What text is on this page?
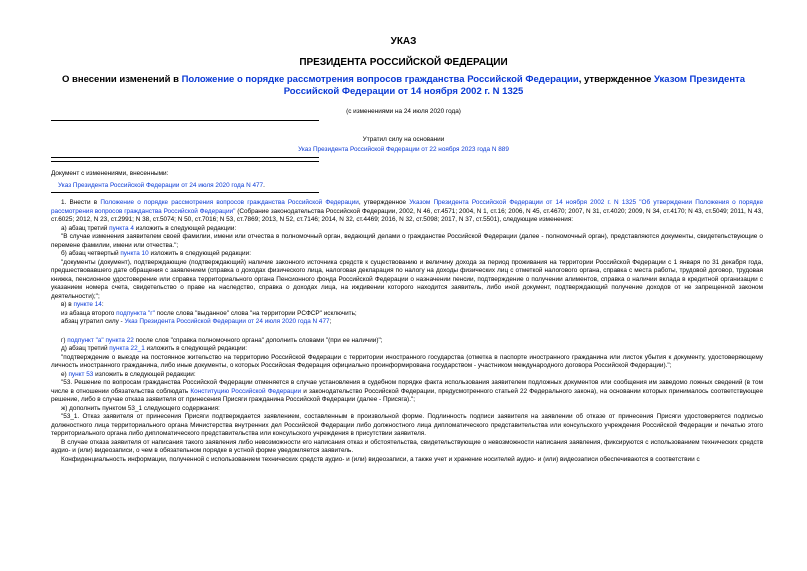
УКАЗ
ПРЕЗИДЕНТА РОССИЙСКОЙ ФЕДЕРАЦИИ
О внесении изменений в Положение о порядке рассмотрения вопросов гражданства Российской Федерации, утвержденное Указом Президента Российской Федерации от 14 ноября 2002 г. N 1325
(с изменениями на 24 июля 2020 года)
Утратил силу на основании
Указ Президента Российской Федерации от 22 ноября 2023 года N 889
Документ с изменениями, внесенными:
Указ Президента Российской Федерации от 24 июля 2020 года N 477.

1. Внести в Положение о порядке рассмотрения вопросов гражданства Российской Федерации, утвержденное Указом Президента Российской Федерации от 14 ноября 2002 г. N 1325 "Об утверждении Положения о порядке рассмотрения вопросов гражданства Российской Федерации" (Собрание законодательства Российской Федерации, 2002, N 46, ст.4571; 2004, N 1, ст.16; 2006, N 45, ст.4670; 2007, N 31, ст.4020; 2009, N 34, ст.4170; N 43, ст.5049; 2011, N 43, ст.6025; 2012, N 23, ст.2991; N 38, ст.5074; N 50, ст.7016; N 53, ст.7869; 2013, N 52, ст.7146; 2014, N 32, ст.4469; 2016, N 32, ст.5098; 2017, N 37, ст.5501), следующие изменения:

а) абзац третий пункта 4 изложить в следующей редакции:

"В случае изменения заявителем своей фамилии, имени или отчества в полномочный орган, ведающий делами о гражданстве Российской Федерации (далее - полномочный орган), представляются документы, свидетельствующие о перемене фамилии, имени или отчества.";

б) абзац четвертый пункта 10 изложить в следующей редакции:

"документы (документ), подтверждающие (подтверждающий) наличие законного источника средств к существованию и величину дохода за период проживания на территории Российской Федерации с 1 января по 31 декабря года, предшествовавшего дате обращения с заявлением (справка о доходах физического лица, налоговая декларация по налогу на доходы физических лиц с отметкой налогового органа, справка с места работы, трудовой договор, трудовая книжка, пенсионное удостоверение или справка территориального органа Пенсионного фонда Российской Федерации о назначении пенсии, подтверждение о получении алиментов, справка о наличии вклада в кредитной организации с указанием номера счета, свидетельство о праве на наследство, справка о доходах лица, на иждивении которого находится заявитель, либо иной документ, подтверждающий получение доходов от не запрещенной законом деятельности);";

в) в пункте 14:

из абзаца второго подпункта "г" после слова "выданное" слова "на территории РСФСР" исключить;

абзац утратил силу - Указ Президента Российской Федерации от 24 июля 2020 года N 477;

г) подпункт "а" пункта 22 после слов "справка полномочного органа" дополнить словами "(при ее наличии)";

д) абзац третий пункта 22_1 изложить в следующей редакции:

"подтверждение о выезде на постоянное жительство на территорию Российской Федерации с территории иностранного государства (отметка в паспорте иностранного гражданина или листок убытия к документу, удостоверяющему личность иностранного гражданина, либо иные документы, о которых Российская Федерация официально проинформирована государством - участником международного договора Российской Федерации).";

е) пункт 53 изложить в следующей редакции:

"53. Решение по вопросам гражданства Российской Федерации отменяется в случае установления в судебном порядке факта использования заявителем подложных документов или сообщения им заведомо ложных сведений (в том числе в отношении обязательства соблюдать Конституцию Российской Федерации и законодательство Российской Федерации, предусмотренного статьей 22 Федерального закона), на основании которых принималось соответствующее решение, либо в случае отказа заявителя от принесения Присяги гражданина Российской Федерации (далее - Присяга).";

ж) дополнить пунктом 53_1 следующего содержания:

"53_1. Отказ заявителя от принесения Присяги подтверждается заявлением, составленным в произвольной форме. Подлинность подписи заявителя на заявлении об отказе от принесения Присяги удостоверяется подписью должностного лица территориального органа Министерства внутренних дел Российской Федерации либо должностного лица дипломатического представительства или консульского учреждения Российской Федерации и печатью этого территориального органа либо дипломатического представительства или консульского учреждения в присутствии заявителя.

В случае отказа заявителя от написания такого заявления либо невозможности его написания отказ и обстоятельства, свидетельствующие о невозможности написания заявления, фиксируются с использованием технических средств аудио- и (или) видеозаписи, о чем в обязательном порядке в устной форме уведомляется заявитель.

Конфиденциальность информации, полученной с использованием технических средств аудио- и (или) видеозаписи, а также учет и хранение носителей аудио- и (или) видеозаписи обеспечиваются в соответствии с
